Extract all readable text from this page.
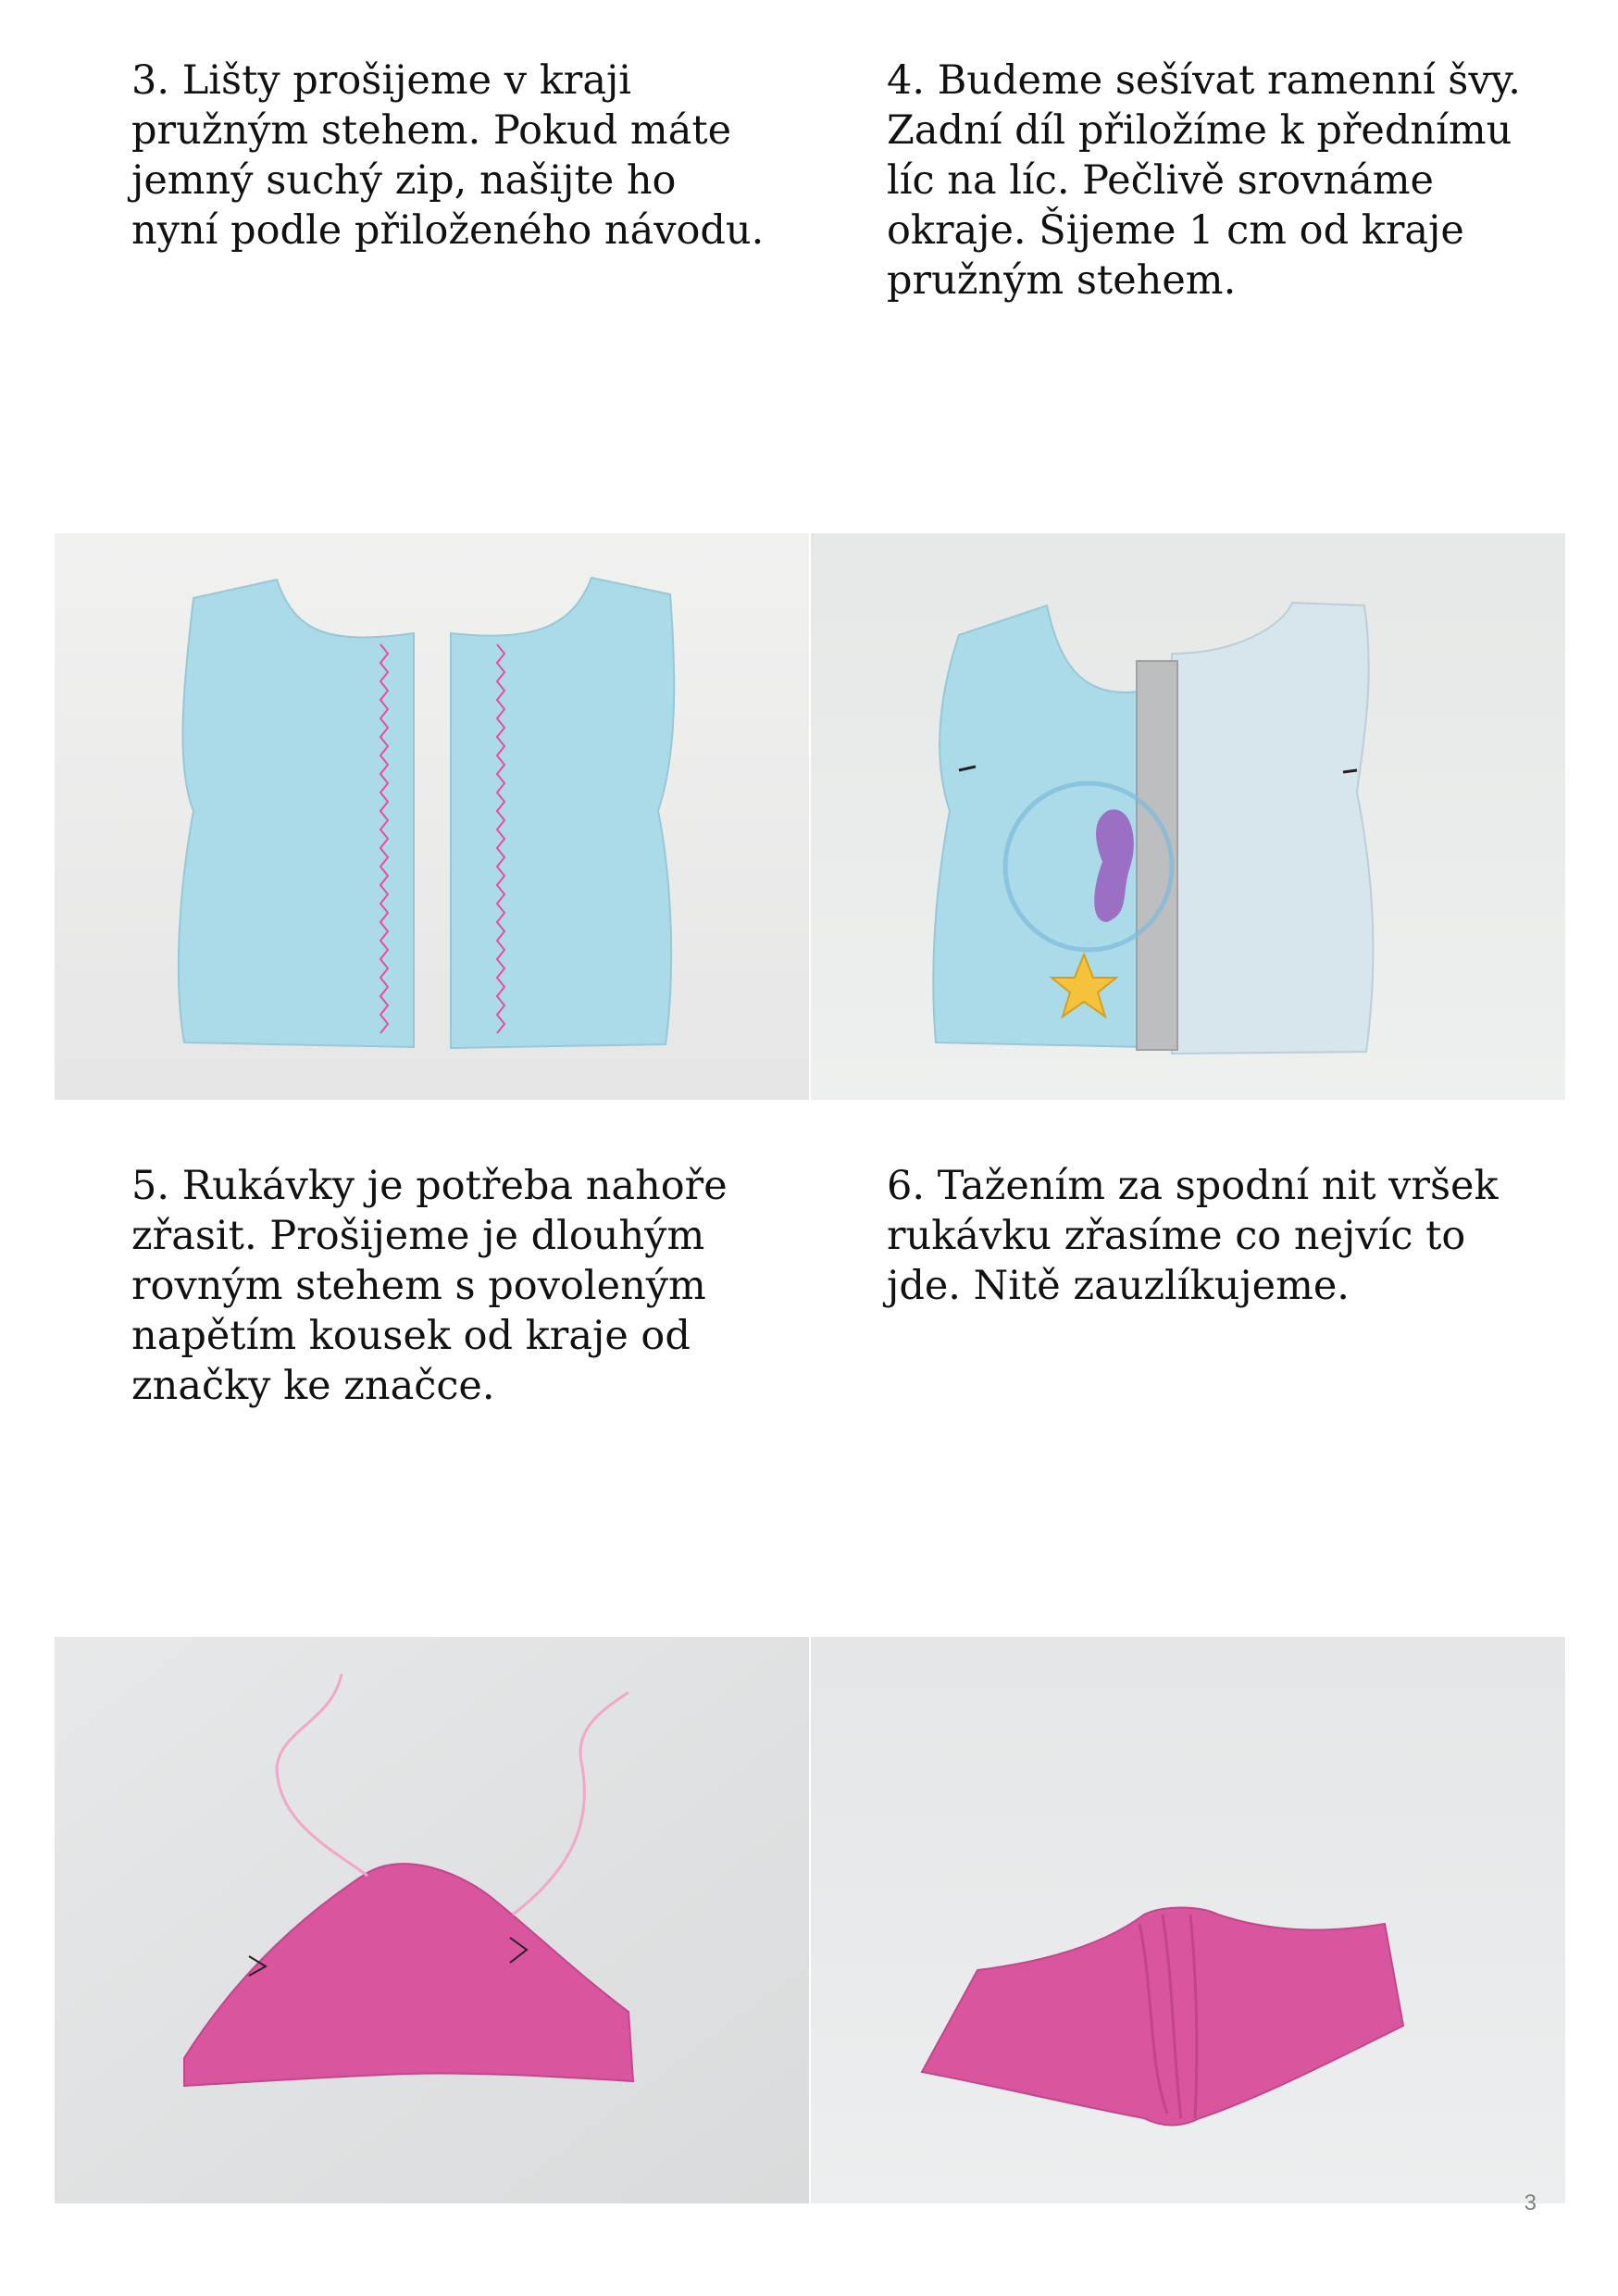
3. Lišty prošijeme v kraji
pružným stehem. Pokud máte
jemný suchý zip, našijte ho
nyní podle přiloženého návodu.

4. Budeme sešívat ramenní švy.
Zadní díl přiložíme k přednímu
líc na líc. Pečlivě srovnáme
okraje. Šijeme 1 cm od kraje
pružným stehem.

5. Rukávky je potřeba nahoře
zřasit. Prošijeme je dlouhým
rovným stehem s povoleným
napětím kousek od kraje od
značky ke značce.

6. Tažením za spodní nit vršek
rukávku zřasíme co nejvíc to
jde. Nitě zauzlíkujeme.

3
